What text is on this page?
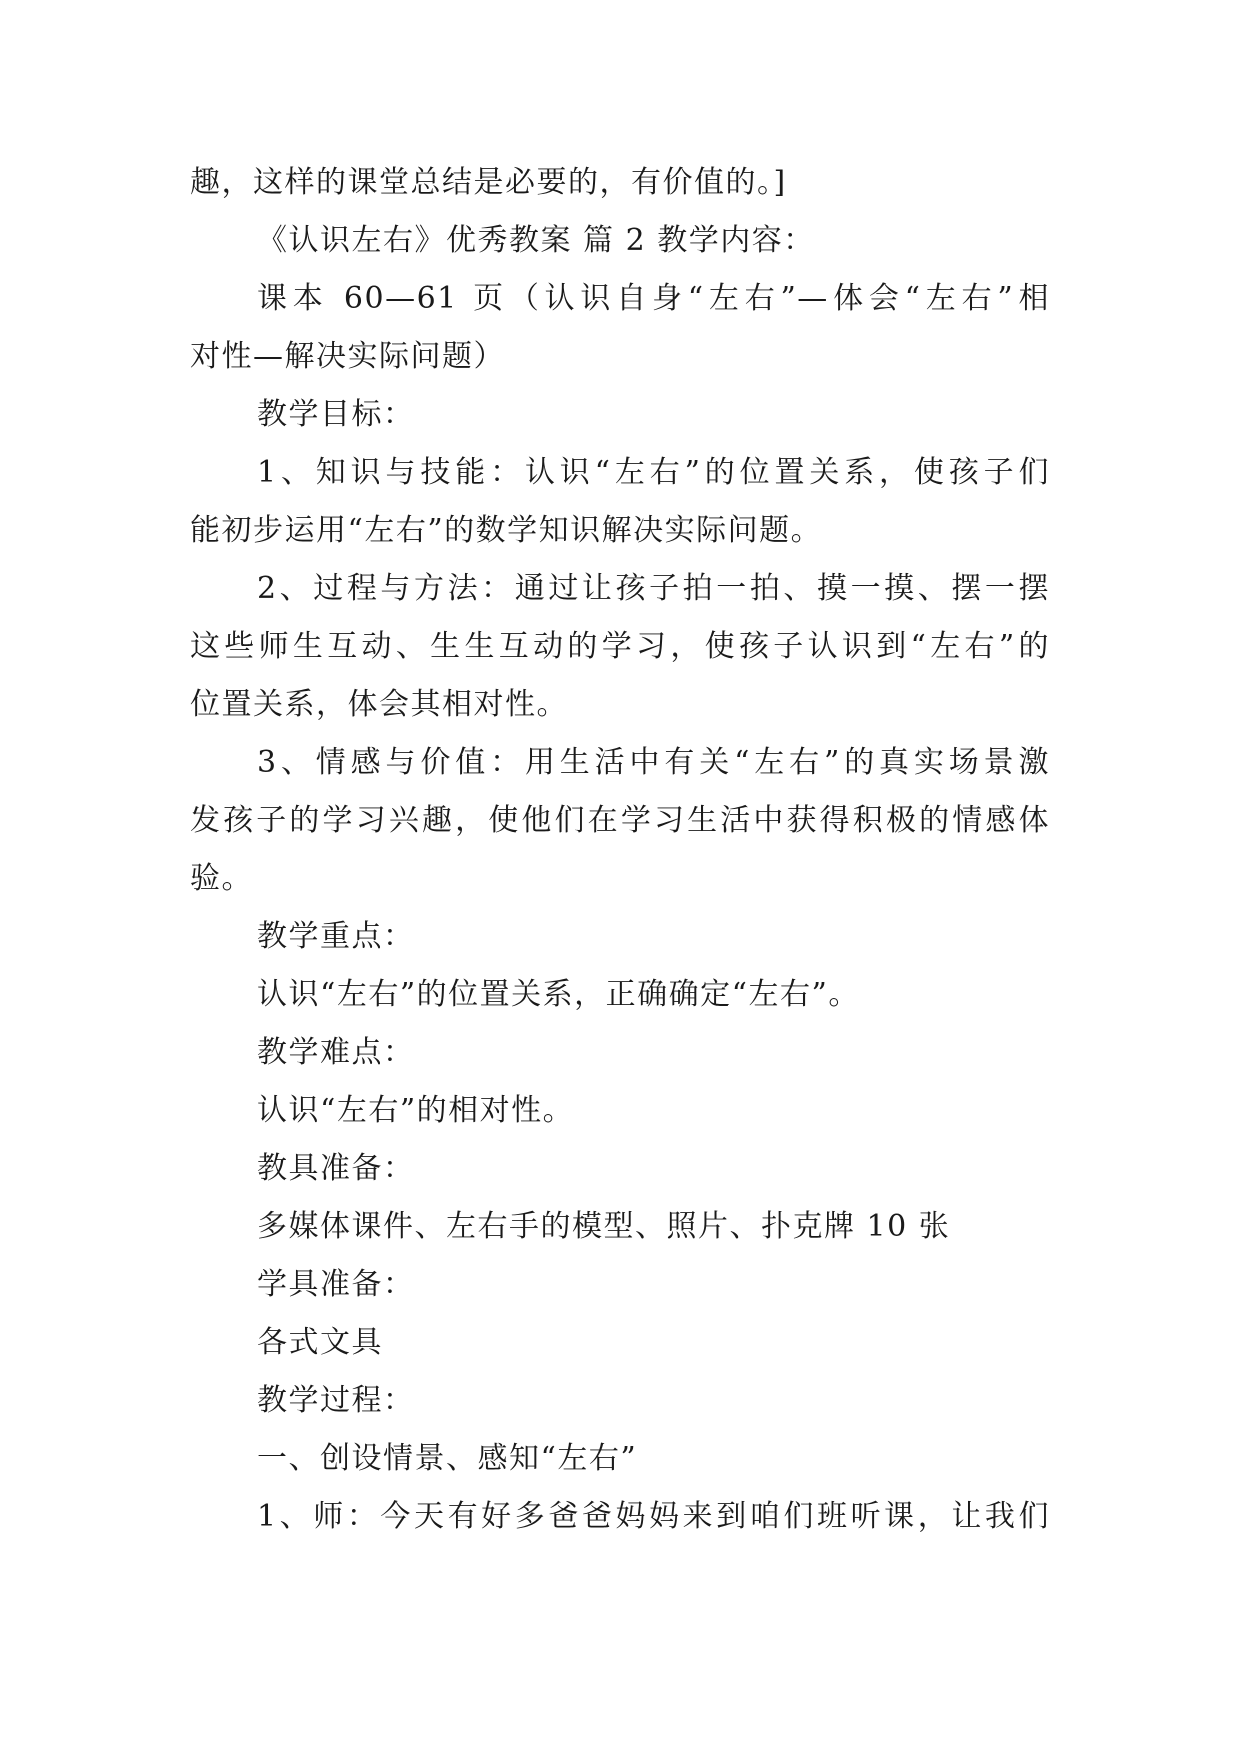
趣，这样的课堂总结是必要的，有价值的。]
《认识左右》优秀教案 篇 2 教学内容：
课本 60—61 页（认识自身“左右”—体会“左右”相
对性—解决实际问题）
教学目标：
1、知识与技能：认识“左右”的位置关系，使孩子们
能初步运用“左右”的数学知识解决实际问题。
2、过程与方法：通过让孩子拍一拍、摸一摸、摆一摆
这些师生互动、生生互动的学习，使孩子认识到“左右”的
位置关系，体会其相对性。
3、情感与价值：用生活中有关“左右”的真实场景激
发孩子的学习兴趣，使他们在学习生活中获得积极的情感体
验。
教学重点：
认识“左右”的位置关系，正确确定“左右”。
教学难点：
认识“左右”的相对性。
教具准备：
多媒体课件、左右手的模型、照片、扑克牌 10 张
学具准备：
各式文具
教学过程：
一、创设情景、感知“左右”
1、师：今天有好多爸爸妈妈来到咱们班听课，让我们
